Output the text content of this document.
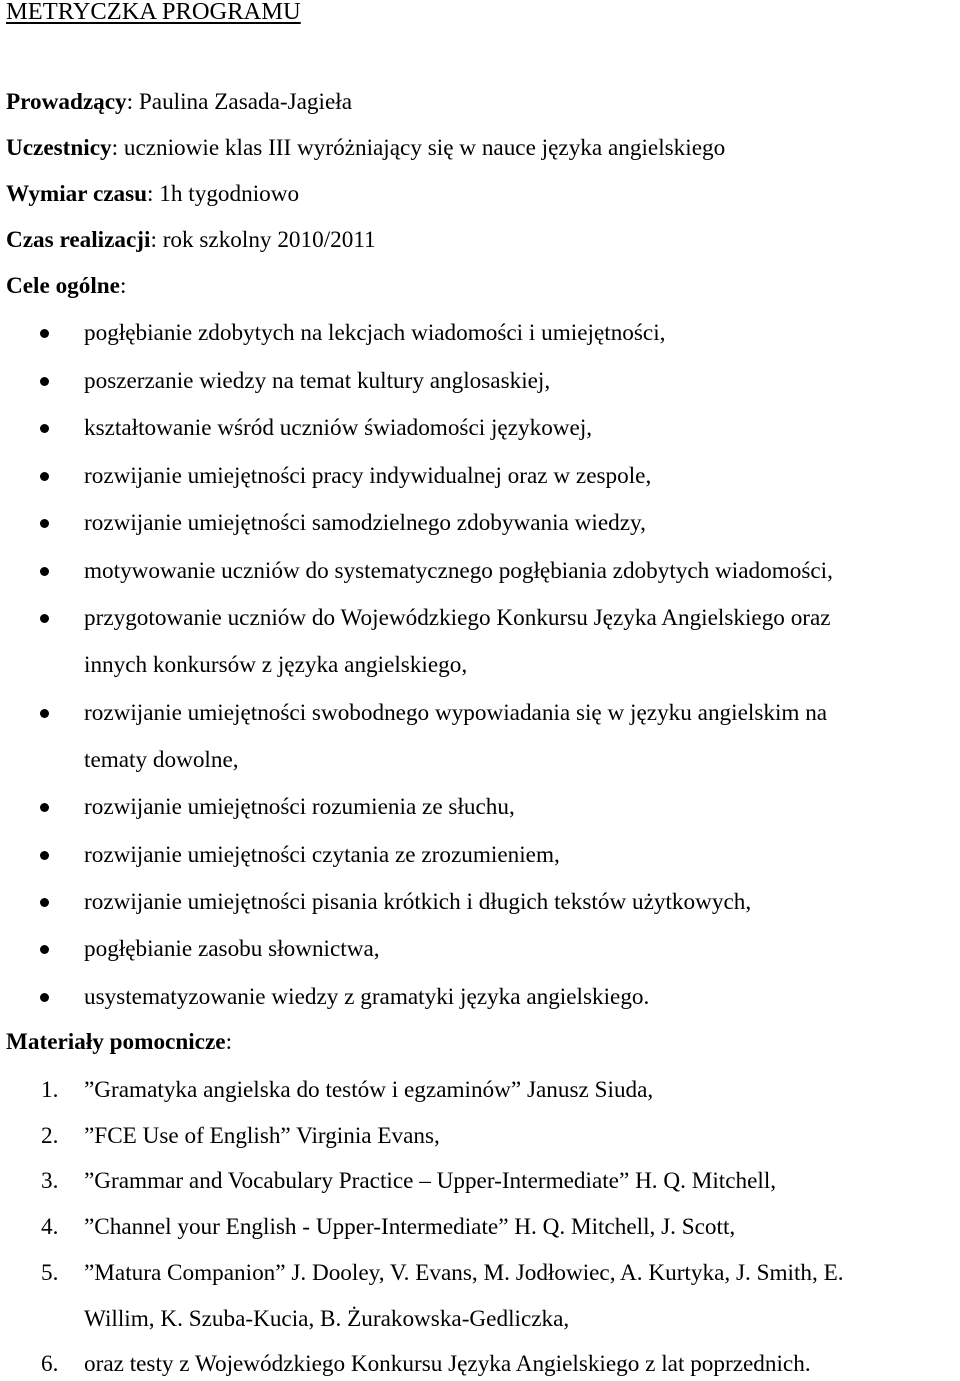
METRYCZKA PROGRAMU
Prowadzący: Paulina Zasada-Jagieła
Uczestnicy: uczniowie klas III wyróżniający się w nauce języka angielskiego
Wymiar czasu: 1h tygodniowo
Czas realizacji: rok szkolny 2010/2011
Cele ogólne:
pogłębianie zdobytych na lekcjach wiadomości i umiejętności,
poszerzanie wiedzy na temat kultury anglosaskiej,
kształtowanie wśród uczniów świadomości językowej,
rozwijanie umiejętności pracy indywidualnej oraz w zespole,
rozwijanie umiejętności samodzielnego zdobywania wiedzy,
motywowanie uczniów do systematycznego pogłębiania zdobytych wiadomości,
przygotowanie uczniów do Wojewódzkiego Konkursu Języka Angielskiego oraz
innych konkursów z języka angielskiego,
rozwijanie umiejętności swobodnego wypowiadania się w języku angielskim na
tematy dowolne,
rozwijanie umiejętności rozumienia ze słuchu,
rozwijanie umiejętności czytania ze zrozumieniem,
rozwijanie umiejętności pisania krótkich i długich tekstów użytkowych,
pogłębianie zasobu słownictwa,
usystematyzowanie wiedzy z gramatyki języka angielskiego.
Materiały pomocnicze:
1. ”Gramatyka angielska do testów i egzaminów” Janusz Siuda,
2. ”FCE Use of English” Virginia Evans,
3. ”Grammar and Vocabulary Practice – Upper-Intermediate” H. Q. Mitchell,
4. ”Channel your English - Upper-Intermediate” H. Q. Mitchell, J. Scott,
5. ”Matura Companion” J. Dooley, V. Evans, M. Jodłowiec, A. Kurtyka, J. Smith, E.
Willim, K. Szuba-Kucia, B. Żurakowska-Gedliczka,
6. oraz testy z Wojewódzkiego Konkursu Języka Angielskiego z lat poprzednich.
